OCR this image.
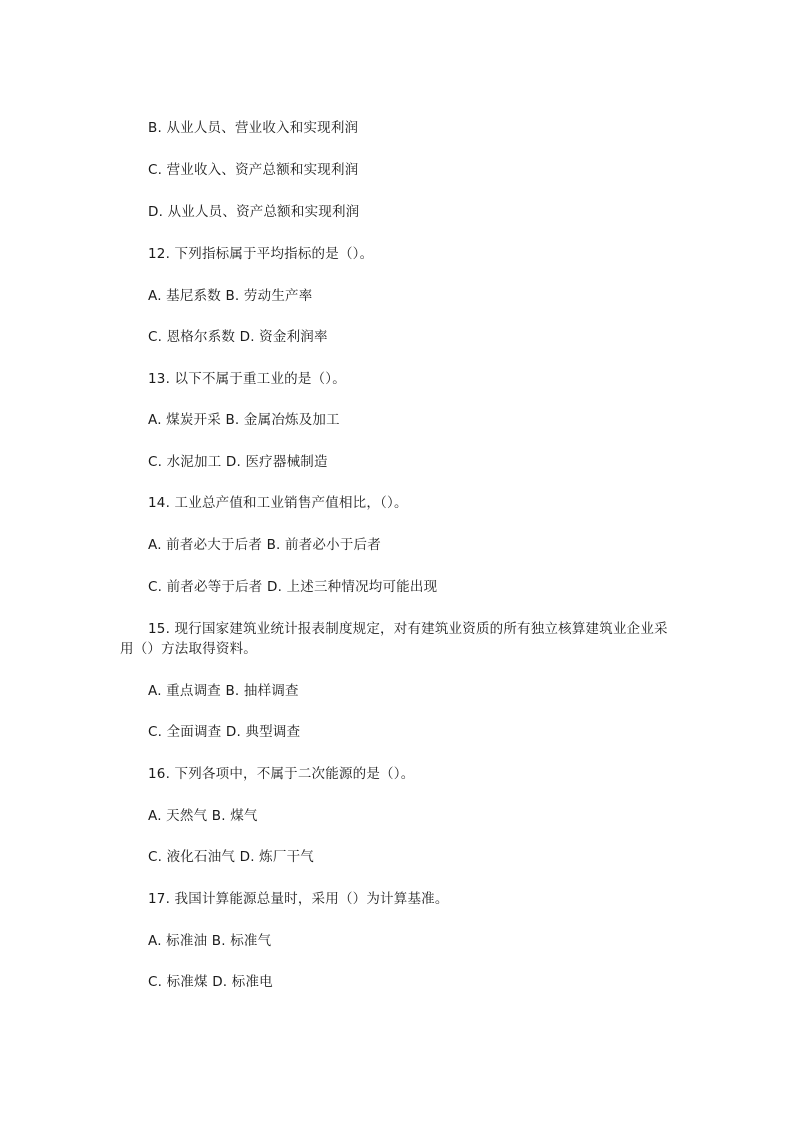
B. 从业人员、营业收入和实现利润
C. 营业收入、资产总额和实现利润
D. 从业人员、资产总额和实现利润
12. 下列指标属于平均指标的是（）。
A. 基尼系数 B. 劳动生产率
C. 恩格尔系数 D. 资金利润率
13. 以下不属于重工业的是（）。
A. 煤炭开采 B. 金属冶炼及加工
C. 水泥加工 D. 医疗器械制造
14. 工业总产值和工业销售产值相比，（）。
A. 前者必大于后者 B. 前者必小于后者
C. 前者必等于后者 D. 上述三种情况均可能出现
15. 现行国家建筑业统计报表制度规定，对有建筑业资质的所有独立核算建筑业企业采用（）方法取得资料。
A. 重点调查 B. 抽样调查
C. 全面调查 D. 典型调查
16. 下列各项中，不属于二次能源的是（）。
A. 天然气 B. 煤气
C. 液化石油气 D. 炼厂干气
17. 我国计算能源总量时，采用（）为计算基准。
A. 标准油 B. 标准气
C. 标准煤 D. 标准电
